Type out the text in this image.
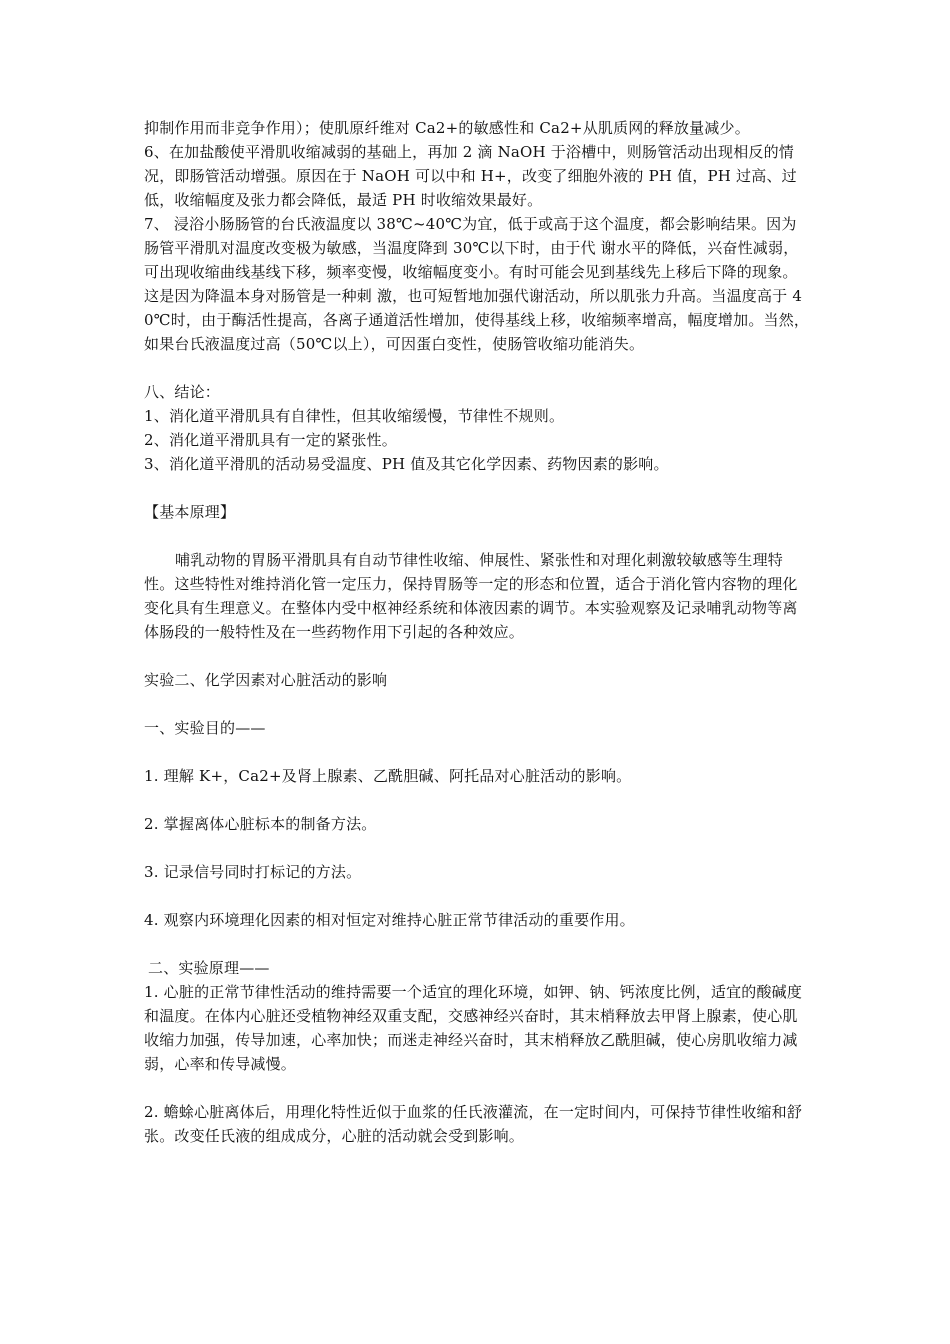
抑制作用而非竞争作用）；使肌原纤维对 Ca2+的敏感性和 Ca2+从肌质网的释放量减少。

6、在加盐酸使平滑肌收缩减弱的基础上，再加 2 滴 NaOH 于浴槽中，则肠管活动出现相反的情况，即肠管活动增强。原因在于 NaOH 可以中和 H+，改变了细胞外液的 PH 值，PH 过高、过低，收缩幅度及张力都会降低，最适 PH 时收缩效果最好。

7、 浸浴小肠肠管的台氏液温度以 38℃~40℃为宜，低于或高于这个温度，都会影响结果。因为肠管平滑肌对温度改变极为敏感，当温度降到 30℃以下时，由于代 谢水平的降低，兴奋性减弱，可出现收缩曲线基线下移，频率变慢，收缩幅度变小。有时可能会见到基线先上移后下降的现象。这是因为降温本身对肠管是一种刺 激，也可短暂地加强代谢活动，所以肌张力升高。当温度高于 40℃时，由于酶活性提高，各离子通道活性增加，使得基线上移，收缩频率增高，幅度增加。当然， 如果台氏液温度过高（50℃以上），可因蛋白变性，使肠管收缩功能消失。

八、结论：

1、消化道平滑肌具有自律性，但其收缩缓慢，节律性不规则。

2、消化道平滑肌具有一定的紧张性。

3、消化道平滑肌的活动易受温度、PH 值及其它化学因素、药物因素的影响。

【基本原理】

哺乳动物的胃肠平滑肌具有自动节律性收缩、伸展性、紧张性和对理化刺激较敏感等生理特性。这些特性对维持消化管一定压力，保持胃肠等一定的形态和位置，适合于消化管内容物的理化变化具有生理意义。在整体内受中枢神经系统和体液因素的调节。本实验观察及记录哺乳动物等离体肠段的一般特性及在一些药物作用下引起的各种效应。

实验二、化学因素对心脏活动的影响

一、实验目的——

1. 理解 K+，Ca2+及肾上腺素、乙酰胆碱、阿托品对心脏活动的影响。

2. 掌握离体心脏标本的制备方法。

3. 记录信号同时打标记的方法。

4. 观察内环境理化因素的相对恒定对维持心脏正常节律活动的重要作用。

二、实验原理——

1. 心脏的正常节律性活动的维持需要一个适宜的理化环境，如钾、钠、钙浓度比例，适宜的酸碱度和温度。在体内心脏还受植物神经双重支配，交感神经兴奋时，其末梢释放去甲肾上腺素，使心肌收缩力加强，传导加速，心率加快；而迷走神经兴奋时，其末梢释放乙酰胆碱，使心房肌收缩力减弱，心率和传导减慢。

2. 蟾蜍心脏离体后，用理化特性近似于血浆的任氏液灌流，在一定时间内，可保持节律性收缩和舒张。改变任氏液的组成成分，心脏的活动就会受到影响。
